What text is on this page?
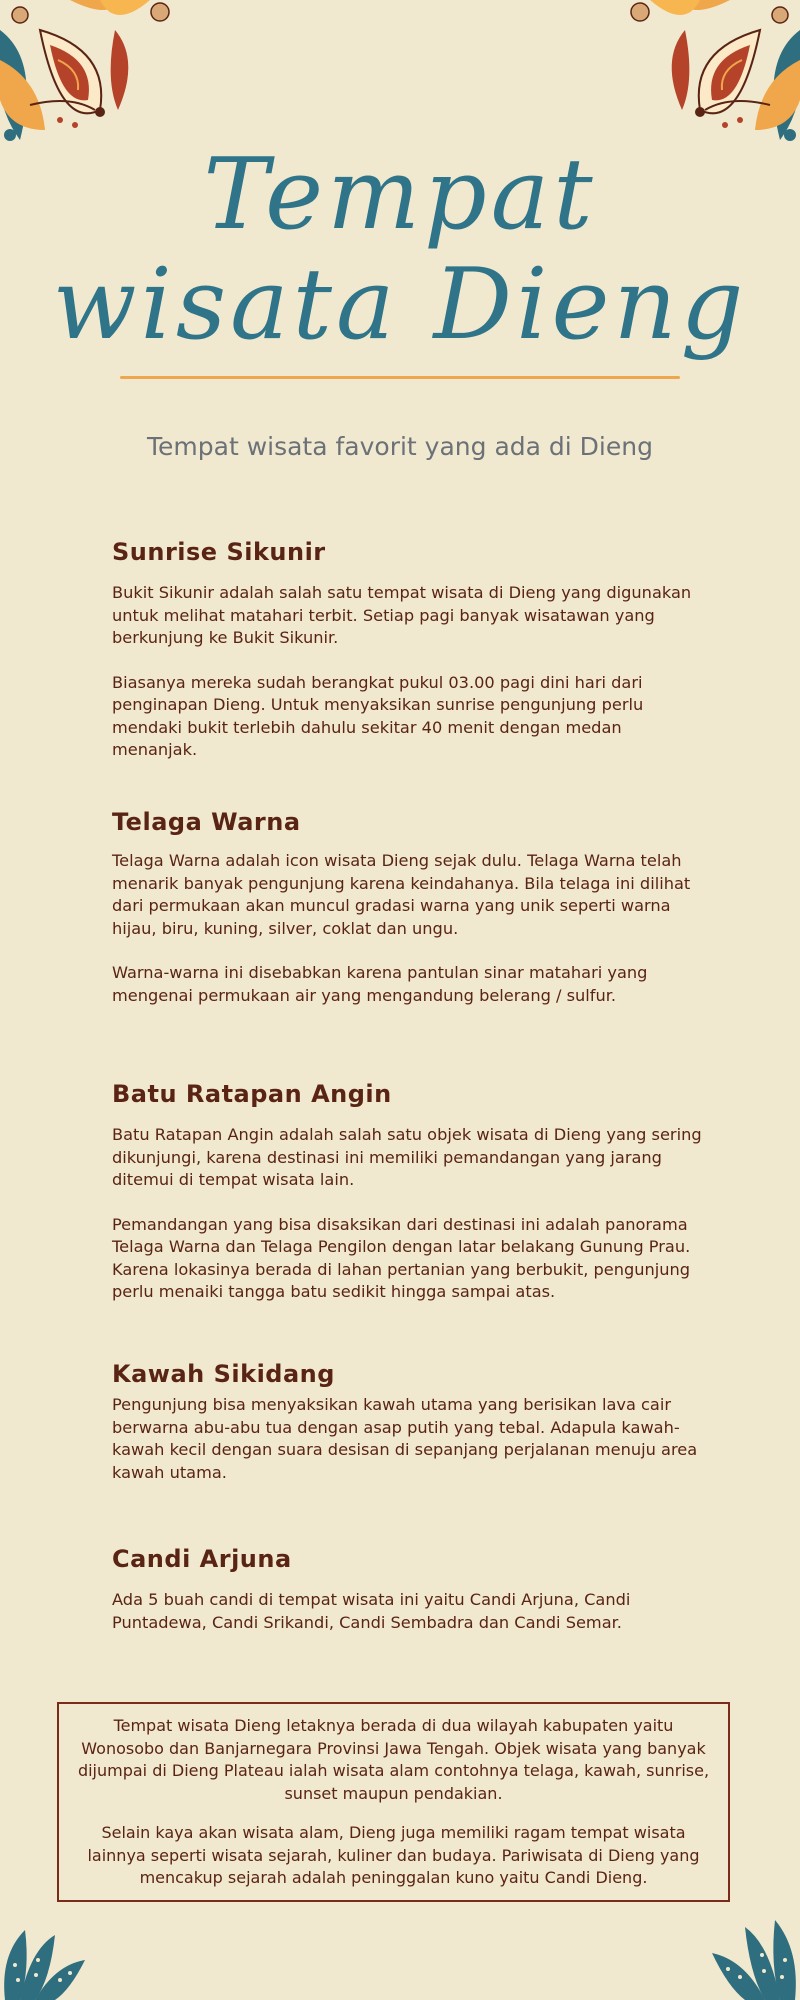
Tempat
wisata Dieng

Tempat wisata favorit yang ada di Dieng

Sunrise Sikunir

Bukit Sikunir adalah salah satu tempat wisata di Dieng yang digunakan untuk melihat matahari terbit. Setiap pagi banyak wisatawan yang berkunjung ke Bukit Sikunir.

Biasanya mereka sudah berangkat pukul 03.00 pagi dini hari dari penginapan Dieng. Untuk menyaksikan sunrise pengunjung perlu mendaki bukit terlebih dahulu sekitar 40 menit dengan medan menanjak.

Telaga Warna

Telaga Warna adalah icon wisata Dieng sejak dulu. Telaga Warna telah menarik banyak pengunjung karena keindahanya. Bila telaga ini dilihat dari permukaan akan muncul gradasi warna yang unik seperti warna hijau, biru, kuning, silver, coklat dan ungu.

Warna-warna ini disebabkan karena pantulan sinar matahari yang mengenai permukaan air yang mengandung belerang / sulfur.

Batu Ratapan Angin

Batu Ratapan Angin adalah salah satu objek wisata di Dieng yang sering dikunjungi, karena destinasi ini memiliki pemandangan yang jarang ditemui di tempat wisata lain.

Pemandangan yang bisa disaksikan dari destinasi ini adalah panorama Telaga Warna dan Telaga Pengilon dengan latar belakang Gunung Prau. Karena lokasinya berada di lahan pertanian yang berbukit, pengunjung perlu menaiki tangga batu sedikit hingga sampai atas.

Kawah Sikidang

Pengunjung bisa menyaksikan kawah utama yang berisikan lava cair berwarna abu-abu tua dengan asap putih yang tebal. Adapula kawah-kawah kecil dengan suara desisan di sepanjang perjalanan menuju area kawah utama.

Candi Arjuna

Ada 5 buah candi di tempat wisata ini yaitu Candi Arjuna, Candi Puntadewa, Candi Srikandi, Candi Sembadra dan Candi Semar.

Tempat wisata Dieng letaknya berada di dua wilayah kabupaten yaitu Wonosobo dan Banjarnegara Provinsi Jawa Tengah. Objek wisata yang banyak dijumpai di Dieng Plateau ialah wisata alam contohnya telaga, kawah, sunrise, sunset maupun pendakian.

Selain kaya akan wisata alam, Dieng juga memiliki ragam tempat wisata lainnya seperti wisata sejarah, kuliner dan budaya. Pariwisata di Dieng yang mencakup sejarah adalah peninggalan kuno yaitu Candi Dieng.
